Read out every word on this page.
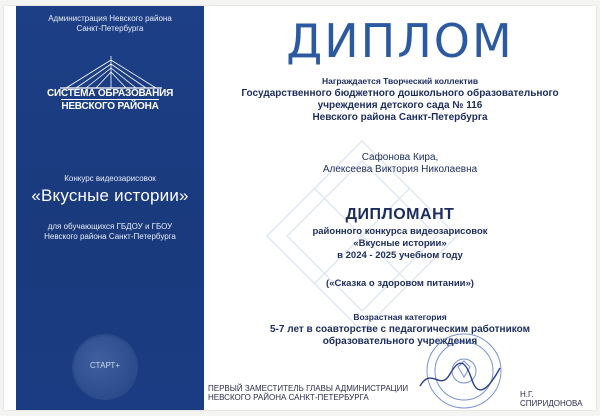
Администрация Невского района
Санкт-Петербурга
СИСТЕМА ОБРАЗОВАНИЯ
НЕВСКОГО РАЙОНА
Конкурс видеозарисовок
«Вкусные истории»
для обучающихся ГБДОУ и ГБОУ
Невского района Санкт-Петербурга
СТАРТ+
ДИПЛОМ
Награждается Творческий коллектив
Государственного бюджетного дошкольного образовательного
учреждения детского сада № 116
Невского района Санкт-Петербурга
Сафонова Кира,
Алексеева Виктория Николаевна
ДИПЛОМАНТ
районного конкурса видеозарисовок
«Вкусные истории»
в 2024 - 2025 учебном году
(«Сказка о здоровом питании»)
Возрастная категория
5-7 лет в соавторстве с педагогическим работником
образовательного учреждения
ПЕРВЫЙ ЗАМЕСТИТЕЛЬ ГЛАВЫ АДМИНИСТРАЦИИ
НЕВСКОГО РАЙОНА САНКТ-ПЕТЕРБУРГА	Н.Г. СПИРИДОНОВА
